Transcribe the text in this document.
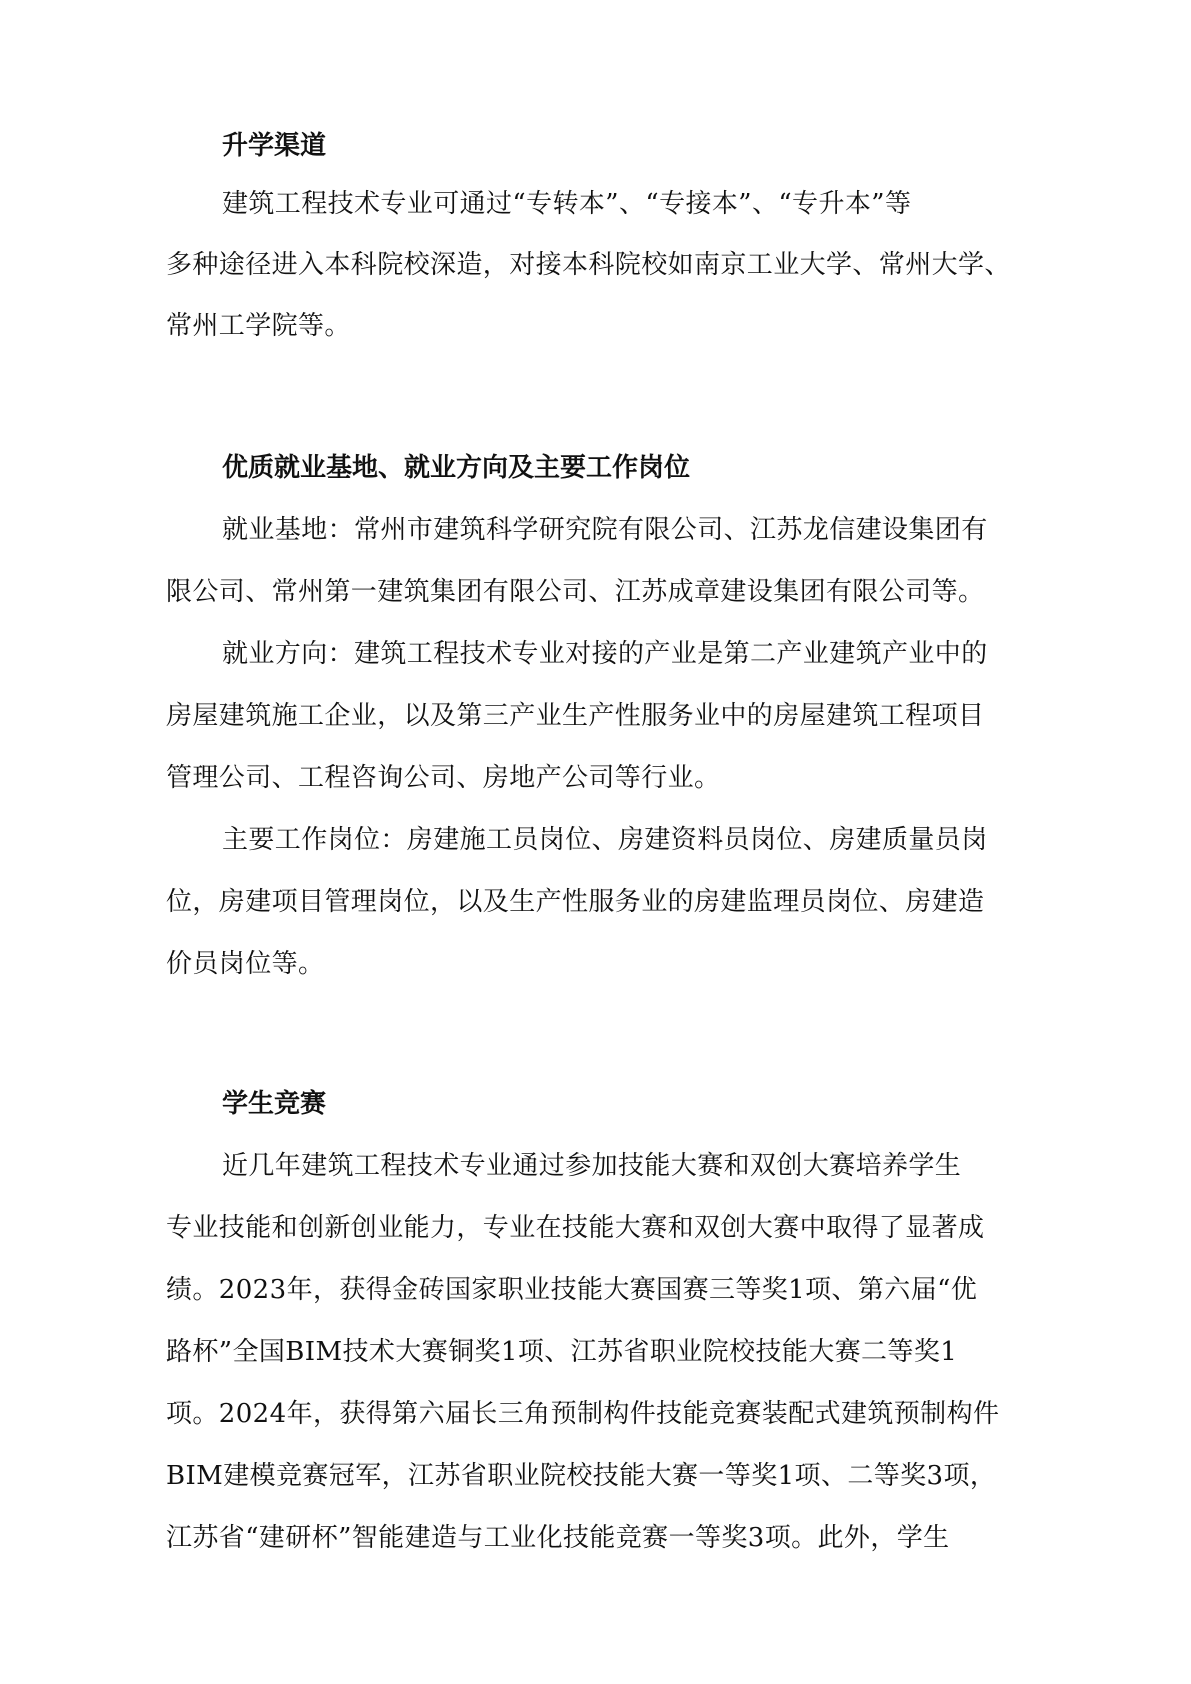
升学渠道

建筑工程技术专业可通过“专转本”、“专接本”、“专升本”等

多种途径进入本科院校深造，对接本科院校如南京工业大学、常州大学、

常州工学院等。

优质就业基地、就业方向及主要工作岗位

就业基地：常州市建筑科学研究院有限公司、江苏龙信建设集团有

限公司、常州第一建筑集团有限公司、江苏成章建设集团有限公司等。

就业方向：建筑工程技术专业对接的产业是第二产业建筑产业中的

房屋建筑施工企业，以及第三产业生产性服务业中的房屋建筑工程项目

管理公司、工程咨询公司、房地产公司等行业。

主要工作岗位：房建施工员岗位、房建资料员岗位、房建质量员岗

位，房建项目管理岗位，以及生产性服务业的房建监理员岗位、房建造

价员岗位等。

学生竞赛

近几年建筑工程技术专业通过参加技能大赛和双创大赛培养学生

专业技能和创新创业能力，专业在技能大赛和双创大赛中取得了显著成

绩。2023年，获得金砖国家职业技能大赛国赛三等奖1项、第六届“优

路杯”全国BIM技术大赛铜奖1项、江苏省职业院校技能大赛二等奖1

项。2024年，获得第六届长三角预制构件技能竞赛装配式建筑预制构件

BIM建模竞赛冠军，江苏省职业院校技能大赛一等奖1项、二等奖3项，

江苏省“建研杯”智能建造与工业化技能竞赛一等奖3项。此外，学生
